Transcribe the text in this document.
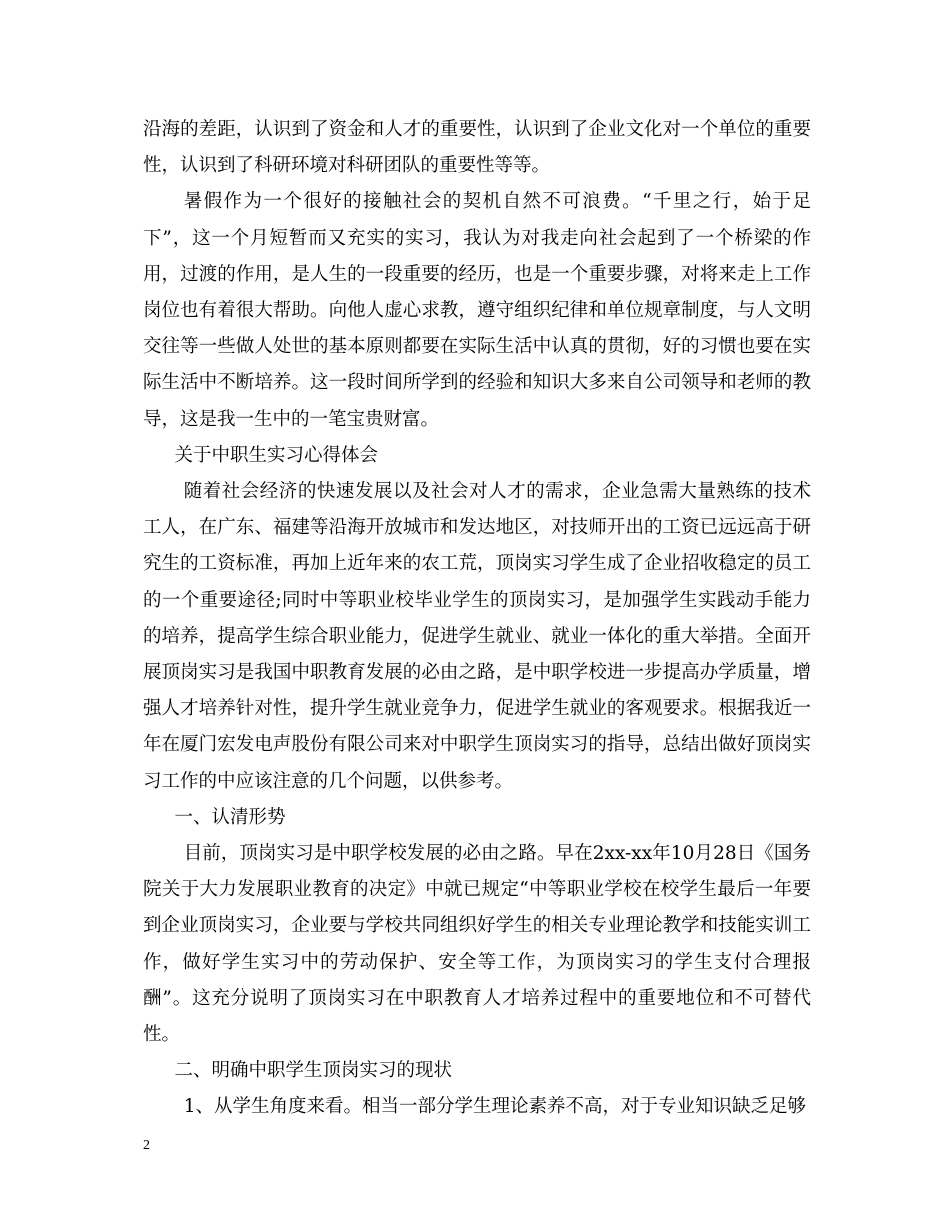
沿海的差距，认识到了资金和人才的重要性，认识到了企业文化对一个单位的重要性，认识到了科研环境对科研团队的重要性等等。

暑假作为一个很好的接触社会的契机自然不可浪费。“千里之行，始于足下”，这一个月短暂而又充实的实习，我认为对我走向社会起到了一个桥梁的作用，过渡的作用，是人生的一段重要的经历，也是一个重要步骤，对将来走上工作岗位也有着很大帮助。向他人虚心求教，遵守组织纪律和单位规章制度，与人文明交往等一些做人处世的基本原则都要在实际生活中认真的贯彻，好的习惯也要在实际生活中不断培养。这一段时间所学到的经验和知识大多来自公司领导和老师的教导，这是我一生中的一笔宝贵财富。

关于中职生实习心得体会

随着社会经济的快速发展以及社会对人才的需求，企业急需大量熟练的技术工人，在广东、福建等沿海开放城市和发达地区，对技师开出的工资已远远高于研究生的工资标准，再加上近年来的农工荒，顶岗实习学生成了企业招收稳定的员工的一个重要途径;同时中等职业校毕业学生的顶岗实习，是加强学生实践动手能力的培养，提高学生综合职业能力，促进学生就业、就业一体化的重大举措。全面开展顶岗实习是我国中职教育发展的必由之路，是中职学校进一步提高办学质量，增强人才培养针对性，提升学生就业竞争力，促进学生就业的客观要求。根据我近一年在厦门宏发电声股份有限公司来对中职学生顶岗实习的指导，总结出做好顶岗实习工作的中应该注意的几个问题，以供参考。

一、认清形势

目前，顶岗实习是中职学校发展的必由之路。早在2xx-xx年10月28日《国务院关于大力发展职业教育的决定》中就已规定“中等职业学校在校学生最后一年要到企业顶岗实习，企业要与学校共同组织好学生的相关专业理论教学和技能实训工作，做好学生实习中的劳动保护、安全等工作，为顶岗实习的学生支付合理报酬”。这充分说明了顶岗实习在中职教育人才培养过程中的重要地位和不可替代性。

二、明确中职学生顶岗实习的现状

1、从学生角度来看。相当一部分学生理论素养不高，对于专业知识缺乏足够

2
